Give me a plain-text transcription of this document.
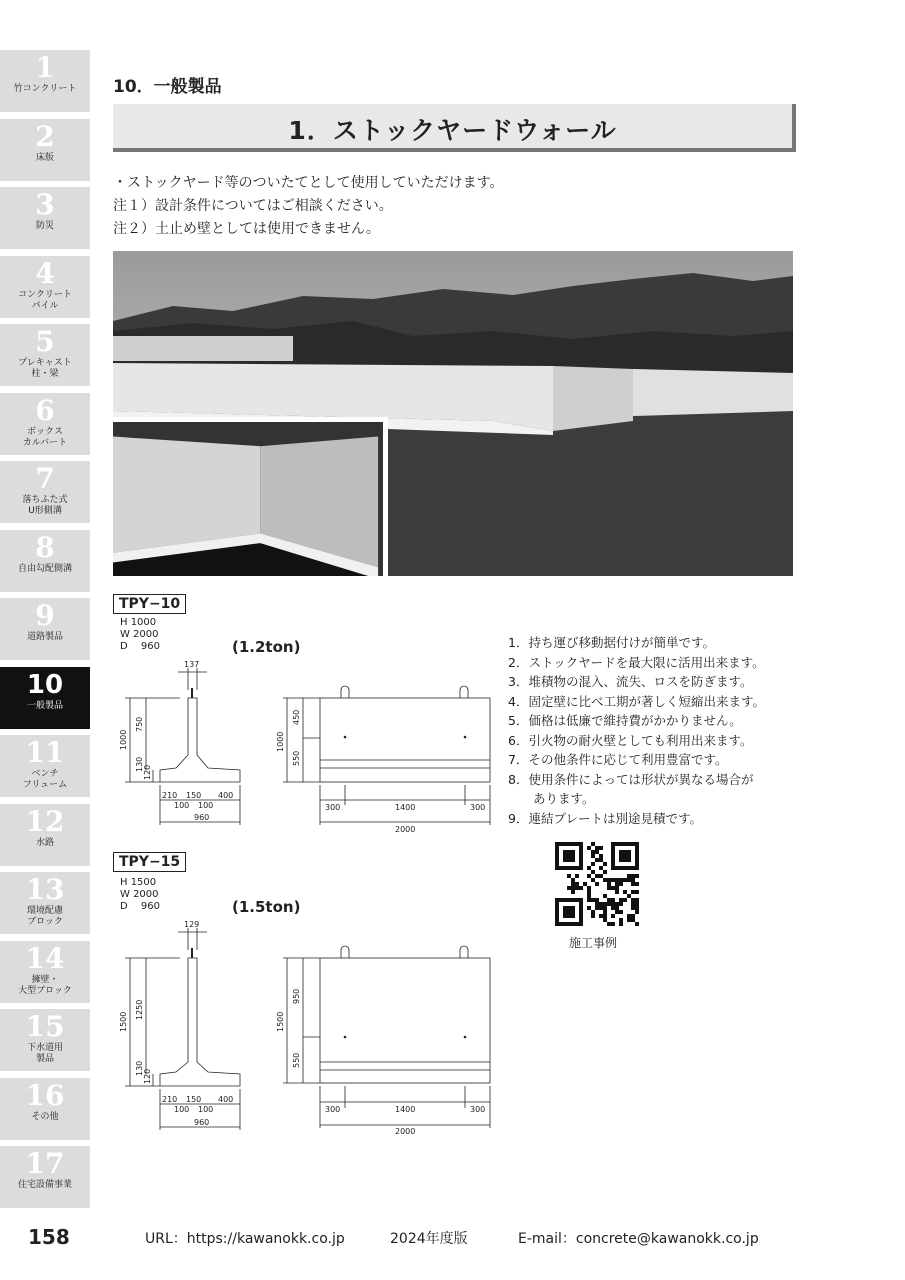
1
竹コンクリート
2
床版
3
防災
4
コンクリート
パイル
5
プレキャスト
柱・梁
6
ボックス
カルバート
7
落ちふた式
U形側溝
8
自由勾配側溝
9
道路製品
10
一般製品
11
ベンチ
フリューム
12
水路
13
環境配慮
ブロック
14
擁壁・
大型ブロック
15
下水道用
製品
16
その他
17
住宅設備事業
10．一般製品
1．ストックヤードウォール
・ストックヤード等のついたてとして使用していただけます。
注１）設計条件についてはご相談ください。
注２）土止め壁としては使用できません。
TPY−10
H 1000
W 2000
D 　960	(1.2ton)
TPY−15
H 1500
W 2000
D 　960	(1.5ton)
137
1000
750
130
120
210 150 400
100 100
960
1000
450
550
300	1400	300
2000
129
1500
1250
130
120
210 150 400
100 100
960
1500
950
550
300	1400	300
2000
1．持ち運び移動据付けが簡単です。
2．ストックヤードを最大限に活用出来ます。
3．堆積物の混入、流失、ロスを防ぎます。
4．固定壁に比べ工期が著しく短縮出来ます。
5．価格は低廉で維持費がかかりません。
6．引火物の耐火壁としても利用出来ます。
7．その他条件に応じて利用豊富です。
8．使用条件によっては形状が異なる場合が
　　あります。
9．連結プレートは別途見積です。
施工事例
158	URL：https://kawanokk.co.jp	2024年度版	E-mail：concrete@kawanokk.co.jp
